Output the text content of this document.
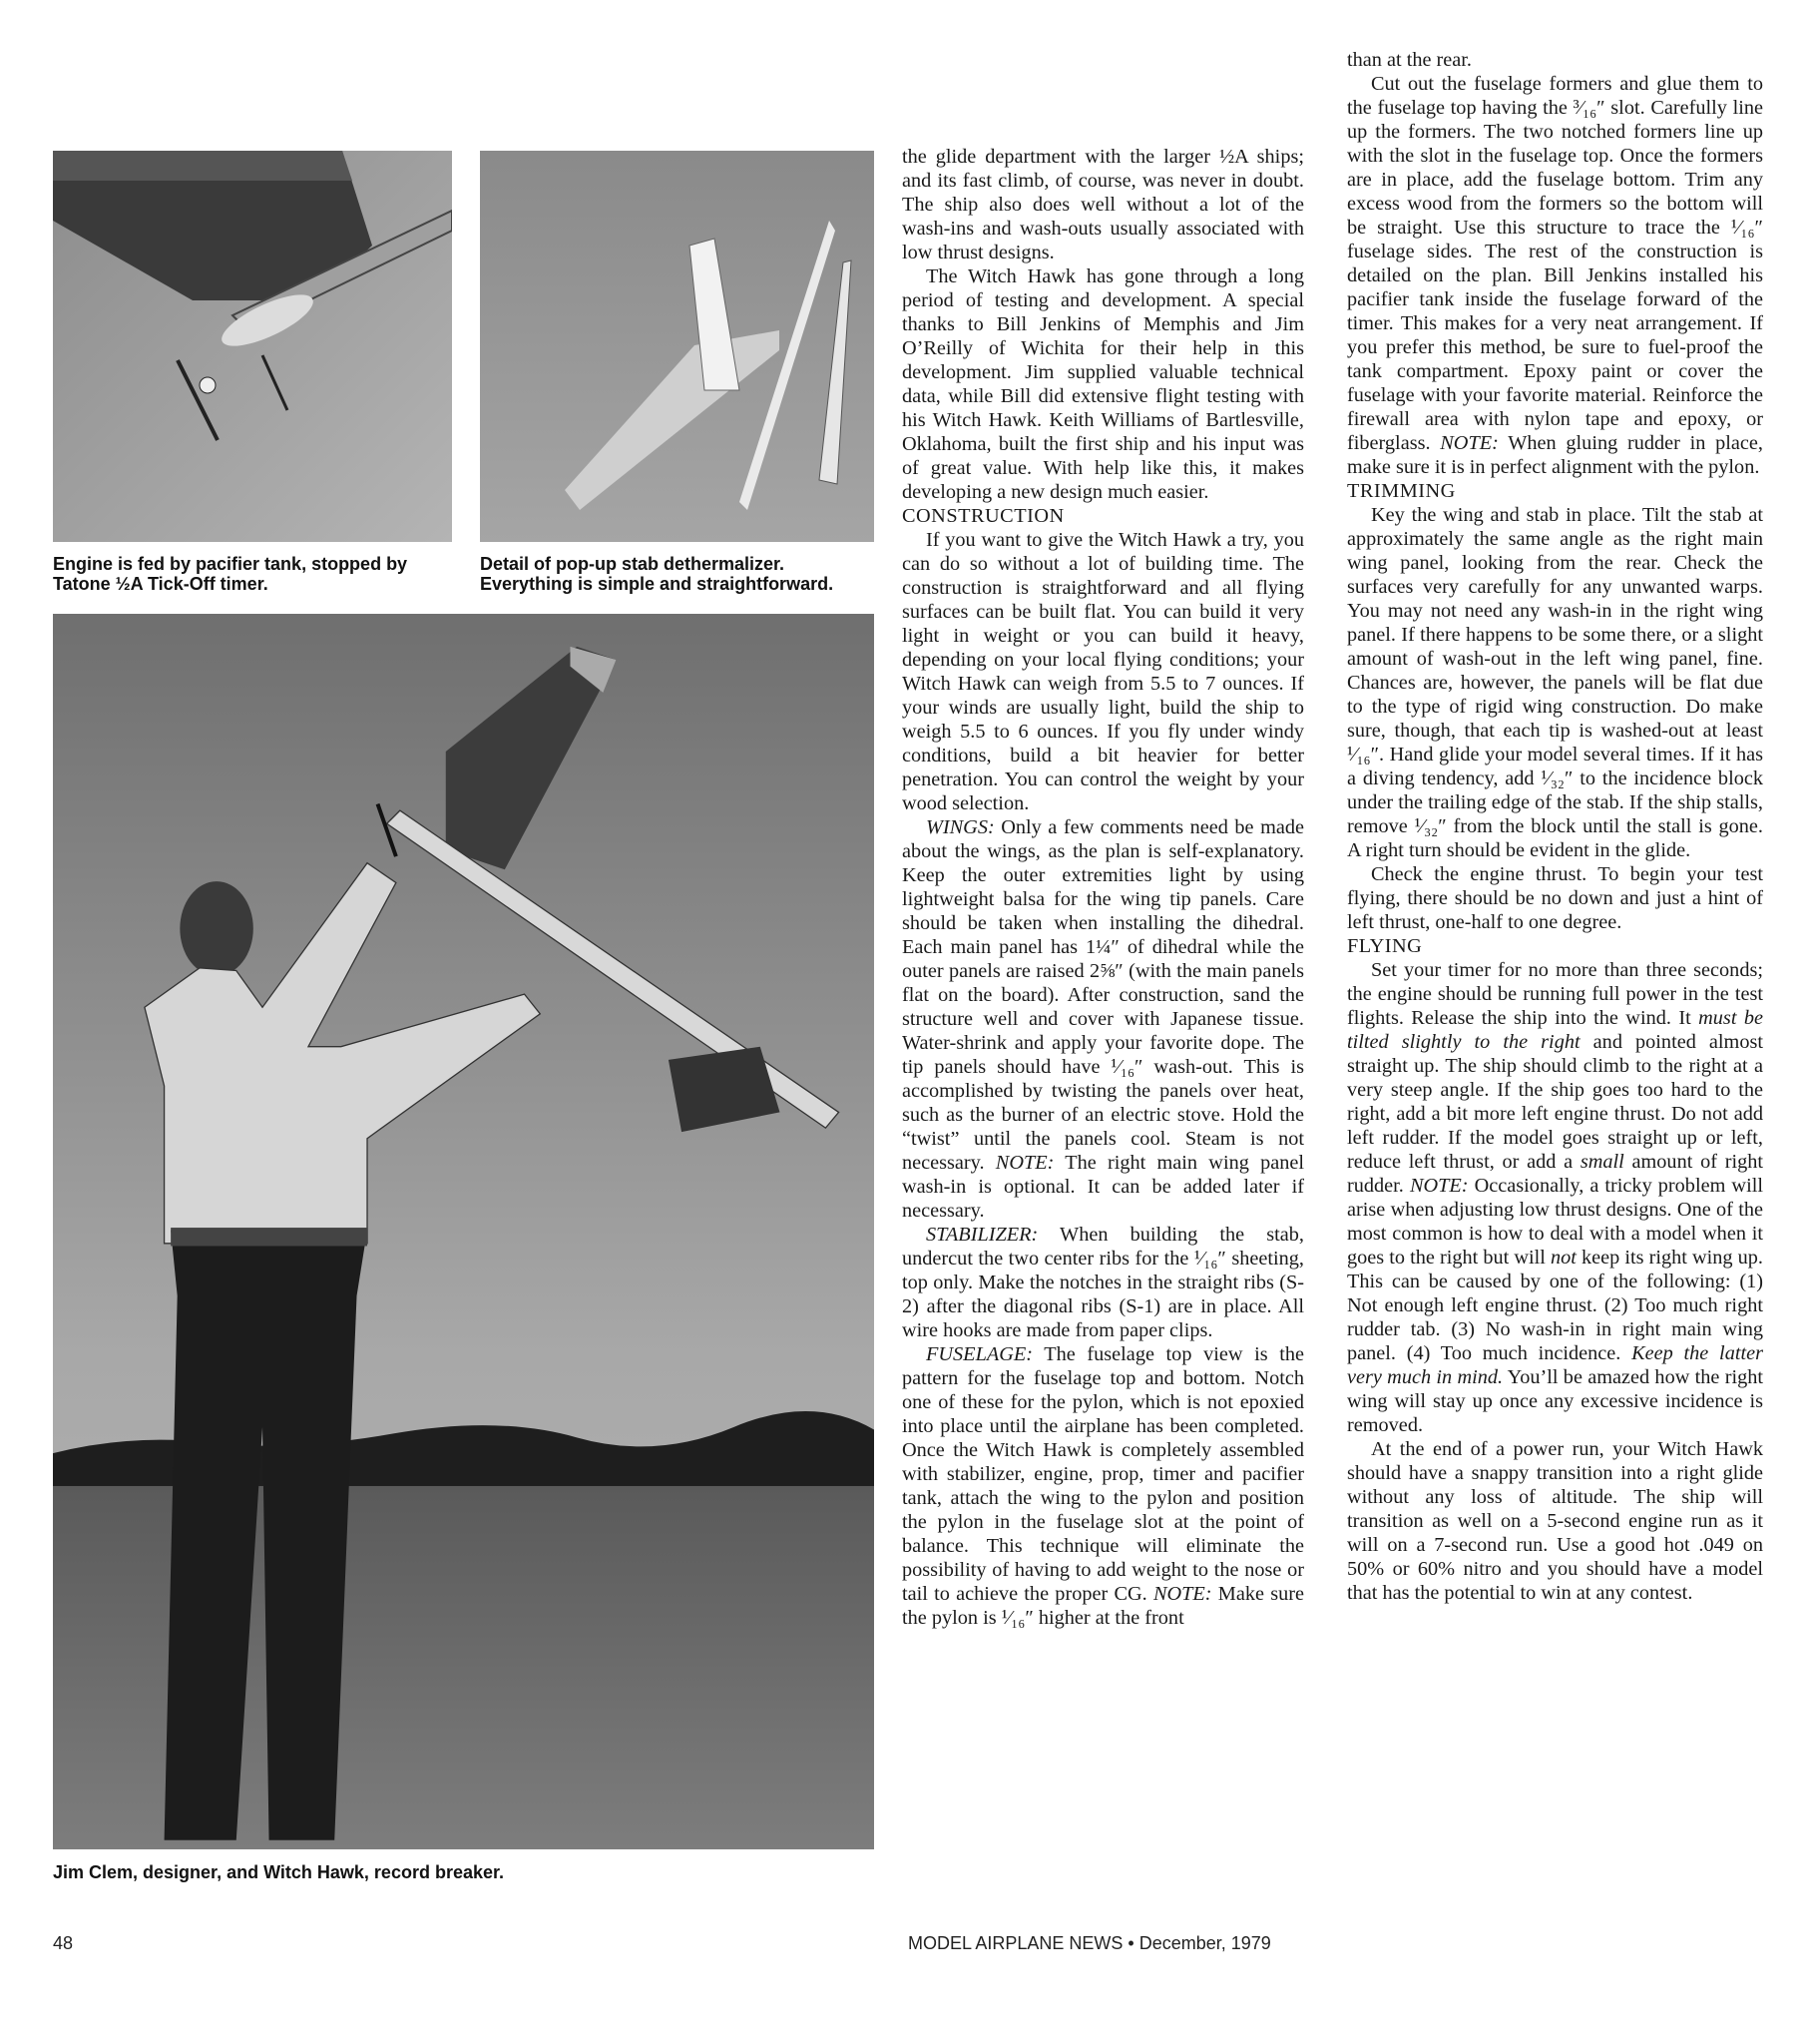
Engine is fed by pacifier tank, stopped by Tatone ½A Tick-Off timer.
Detail of pop-up stab dethermalizer. Everything is simple and straightforward.
Jim Clem, designer, and Witch Hawk, record breaker.

the glide department with the larger ½A ships; and its fast climb, of course, was never in doubt. The ship also does well without a lot of the wash-ins and wash-outs usually associated with low thrust designs.

The Witch Hawk has gone through a long period of testing and development. A special thanks to Bill Jenkins of Memphis and Jim O’Reilly of Wichita for their help in this development. Jim supplied valuable technical data, while Bill did extensive flight testing with his Witch Hawk. Keith Williams of Bartlesville, Oklahoma, built the first ship and his input was of great value. With help like this, it makes developing a new design much easier.

CONSTRUCTION

If you want to give the Witch Hawk a try, you can do so without a lot of building time. The construction is straightforward and all flying surfaces can be built flat. You can build it very light in weight or you can build it heavy, depending on your local flying conditions; your Witch Hawk can weigh from 5.5 to 7 ounces. If your winds are usually light, build the ship to weigh 5.5 to 6 ounces. If you fly under windy conditions, build a bit heavier for better penetration. You can control the weight by your wood selection.

WINGS: Only a few comments need be made about the wings, as the plan is self-explanatory. Keep the outer extremities light by using lightweight balsa for the wing tip panels. Care should be taken when installing the dihedral. Each main panel has 1¼″ of dihedral while the outer panels are raised 2⅝″ (with the main panels flat on the board). After construction, sand the structure well and cover with Japanese tissue. Water-shrink and apply your favorite dope. The tip panels should have ¹⁄₁₆″ wash-out. This is accomplished by twisting the panels over heat, such as the burner of an electric stove. Hold the “twist” until the panels cool. Steam is not necessary. NOTE: The right main wing panel wash-in is optional. It can be added later if necessary.

STABILIZER: When building the stab, undercut the two center ribs for the ¹⁄₁₆″ sheeting, top only. Make the notches in the straight ribs (S-2) after the diagonal ribs (S-1) are in place. All wire hooks are made from paper clips.

FUSELAGE: The fuselage top view is the pattern for the fuselage top and bottom. Notch one of these for the pylon, which is not epoxied into place until the airplane has been completed. Once the Witch Hawk is completely assembled with stabilizer, engine, prop, timer and pacifier tank, attach the wing to the pylon and position the pylon in the fuselage slot at the point of balance. This technique will eliminate the possibility of having to add weight to the nose or tail to achieve the proper CG. NOTE: Make sure the pylon is ¹⁄₁₆″ higher at the front

than at the rear.

Cut out the fuselage formers and glue them to the fuselage top having the ³⁄₁₆″ slot. Carefully line up the formers. The two notched formers line up with the slot in the fuselage top. Once the formers are in place, add the fuselage bottom. Trim any excess wood from the formers so the bottom will be straight. Use this structure to trace the ¹⁄₁₆″ fuselage sides. The rest of the construction is detailed on the plan. Bill Jenkins installed his pacifier tank inside the fuselage forward of the timer. This makes for a very neat arrangement. If you prefer this method, be sure to fuel-proof the tank compartment. Epoxy paint or cover the fuselage with your favorite material. Reinforce the firewall area with nylon tape and epoxy, or fiberglass. NOTE: When gluing rudder in place, make sure it is in perfect alignment with the pylon.

TRIMMING

Key the wing and stab in place. Tilt the stab at approximately the same angle as the right main wing panel, looking from the rear. Check the surfaces very carefully for any unwanted warps. You may not need any wash-in in the right wing panel. If there happens to be some there, or a slight amount of wash-out in the left wing panel, fine. Chances are, however, the panels will be flat due to the type of rigid wing construction. Do make sure, though, that each tip is washed-out at least ¹⁄₁₆″. Hand glide your model several times. If it has a diving tendency, add ¹⁄₃₂″ to the incidence block under the trailing edge of the stab. If the ship stalls, remove ¹⁄₃₂″ from the block until the stall is gone. A right turn should be evident in the glide.

Check the engine thrust. To begin your test flying, there should be no down and just a hint of left thrust, one-half to one degree.

FLYING

Set your timer for no more than three seconds; the engine should be running full power in the test flights. Release the ship into the wind. It must be tilted slightly to the right and pointed almost straight up. The ship should climb to the right at a very steep angle. If the ship goes too hard to the right, add a bit more left engine thrust. Do not add left rudder. If the model goes straight up or left, reduce left thrust, or add a small amount of right rudder. NOTE: Occasionally, a tricky problem will arise when adjusting low thrust designs. One of the most common is how to deal with a model when it goes to the right but will not keep its right wing up. This can be caused by one of the following: (1) Not enough left engine thrust. (2) Too much right rudder tab. (3) No wash-in in right main wing panel. (4) Too much incidence. Keep the latter very much in mind. You’ll be amazed how the right wing will stay up once any excessive incidence is removed.

At the end of a power run, your Witch Hawk should have a snappy transition into a right glide without any loss of altitude. The ship will transition as well on a 5-second engine run as it will on a 7-second run. Use a good hot .049 on 50% or 60% nitro and you should have a model that has the potential to win at any contest.

48	MODEL AIRPLANE NEWS • December, 1979
